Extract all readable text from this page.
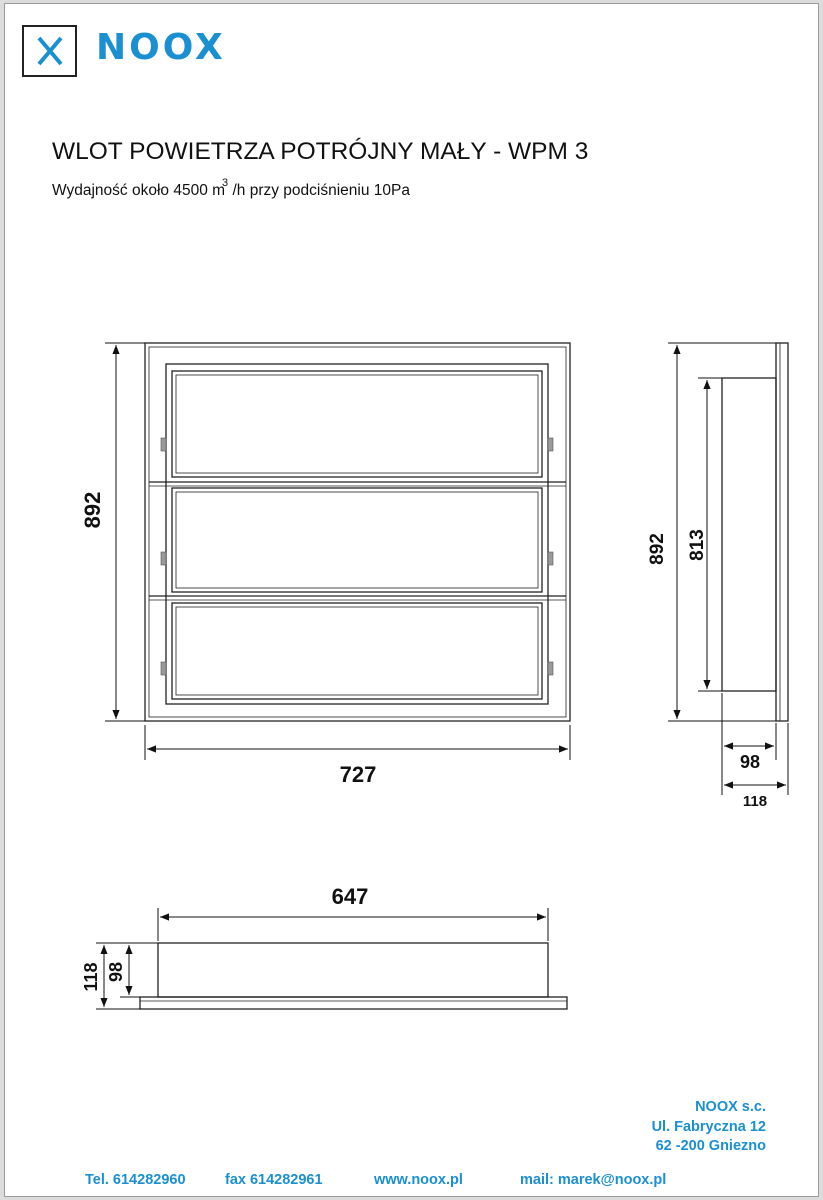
NOOX
WLOT POWIETRZA POTRÓJNY MAŁY - WPM 3
Wydajność około 4500 $m^3$ /h przy podciśnieniu 10Pa
892
727
892 813
98
118
647
118 98
NOOX s.c.
Ul. Fabryczna 12
62 -200 Gniezno
Tel. 614282960	fax 614282961	www.noox.pl	mail: marek@noox.pl
